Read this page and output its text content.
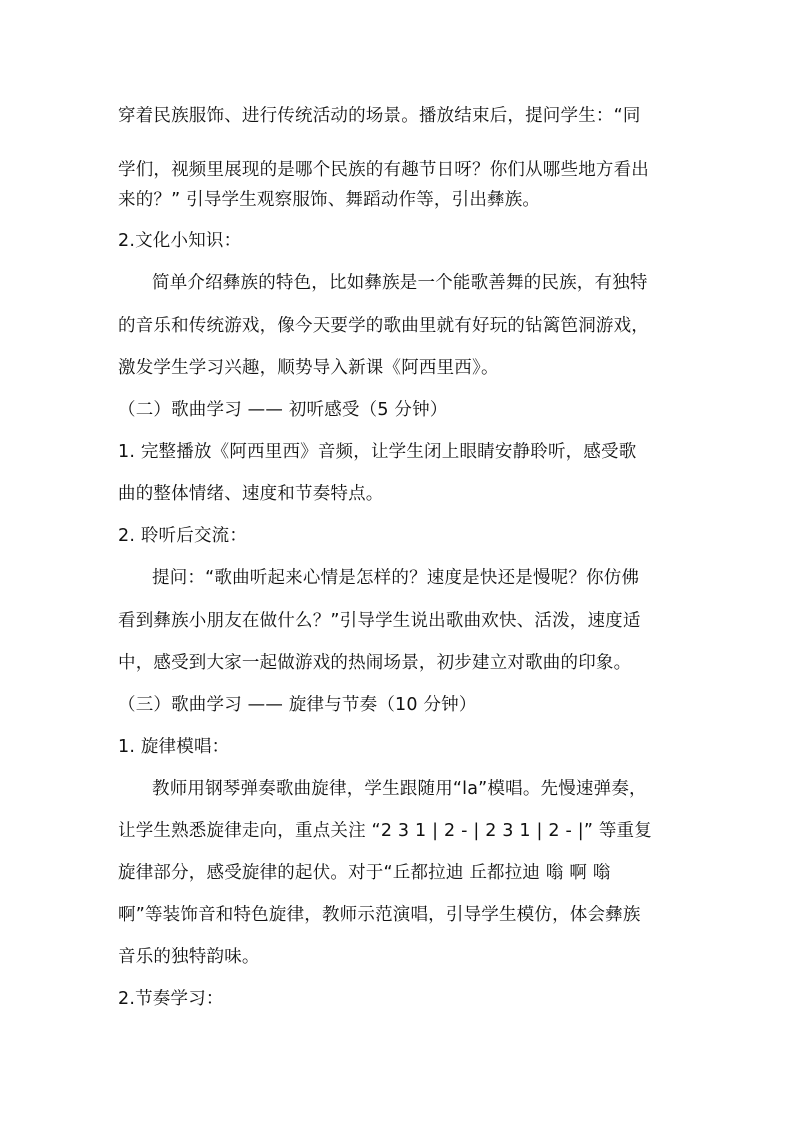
穿着民族服饰、进行传统活动的场景。播放结束后，提问学生：“同
学们，视频里展现的是哪个民族的有趣节日呀？你们从哪些地方看出
来的？” 引导学生观察服饰、舞蹈动作等，引出彝族。
2.文化小知识：
简单介绍彝族的特色，比如彝族是一个能歌善舞的民族，有独特
的音乐和传统游戏，像今天要学的歌曲里就有好玩的钻篱笆洞游戏，
激发学生学习兴趣，顺势导入新课《阿西里西》。
（二）歌曲学习 —— 初听感受（5 分钟）
1. 完整播放《阿西里西》音频，让学生闭上眼睛安静聆听，感受歌
曲的整体情绪、速度和节奏特点。
2. 聆听后交流：
提问：“歌曲听起来心情是怎样的？速度是快还是慢呢？你仿佛
看到彝族小朋友在做什么？”引导学生说出歌曲欢快、活泼，速度适
中，感受到大家一起做游戏的热闹场景，初步建立对歌曲的印象。
（三）歌曲学习 —— 旋律与节奏（10 分钟）
1. 旋律模唱：
教师用钢琴弹奏歌曲旋律，学生跟随用“la”模唱。先慢速弹奏，
让学生熟悉旋律走向，重点关注 “2 3 1 | 2 - | 2 3 1 | 2 - |” 等重复
旋律部分，感受旋律的起伏。对于“丘都拉迪 丘都拉迪 嗡 啊 嗡
啊”等装饰音和特色旋律，教师示范演唱，引导学生模仿，体会彝族
音乐的独特韵味。
2.节奏学习：
